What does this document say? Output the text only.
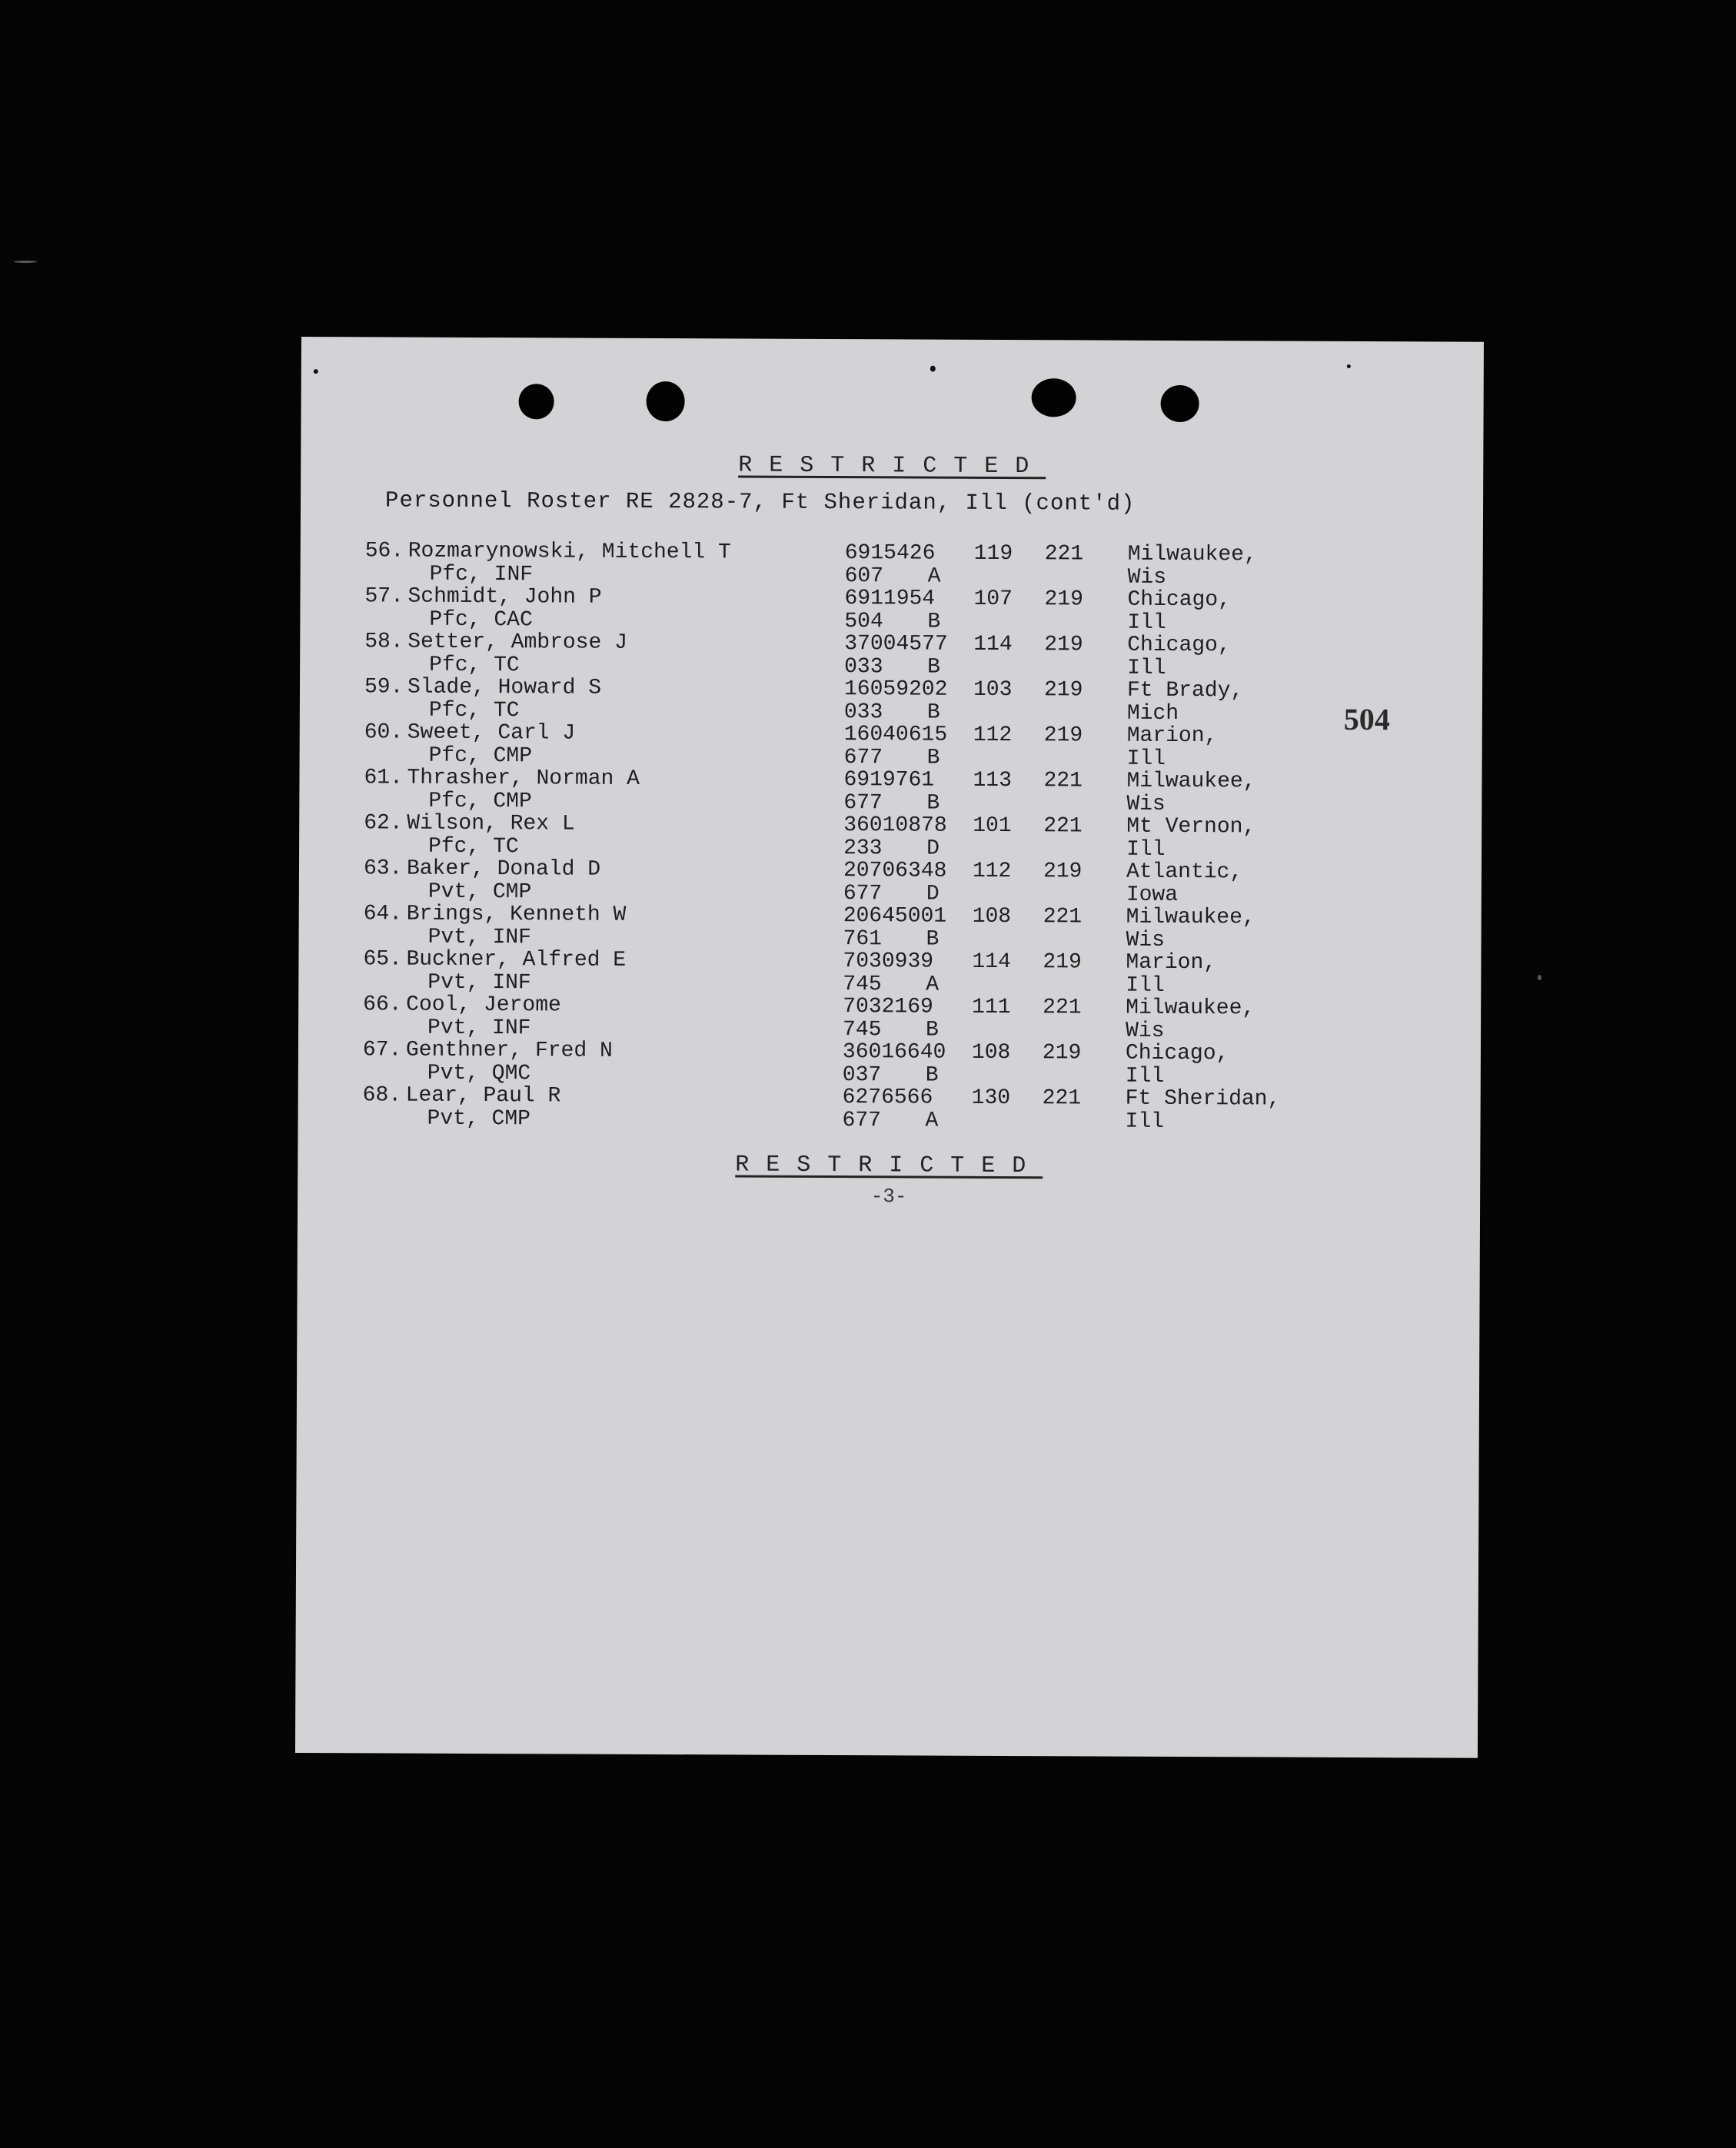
RESTRICTED
Personnel Roster RE 2828-7, Ft Sheridan, Ill (cont'd)
56.	Rozmarynowski, Mitchell T	6915426	119	221	Milwaukee,
	Pfc, INF	607 A			Wis
57.	Schmidt, John P	6911954	107	219	Chicago,
	Pfc, CAC	504 B			Ill
58.	Setter, Ambrose J	37004577	114	219	Chicago,
	Pfc, TC	033 B			Ill
59.	Slade, Howard S	16059202	103	219	Ft Brady,
	Pfc, TC	033 B			Mich
60.	Sweet, Carl J	16040615	112	219	Marion,
	Pfc, CMP	677 B			Ill
61.	Thrasher, Norman A	6919761	113	221	Milwaukee,
	Pfc, CMP	677 B			Wis
62.	Wilson, Rex L	36010878	101	221	Mt Vernon,
	Pfc, TC	233 D			Ill
63.	Baker, Donald D	20706348	112	219	Atlantic,
	Pvt, CMP	677 D			Iowa
64.	Brings, Kenneth W	20645001	108	221	Milwaukee,
	Pvt, INF	761 B			Wis
65.	Buckner, Alfred E	7030939	114	219	Marion,
	Pvt, INF	745 A			Ill
66.	Cool, Jerome	7032169	111	221	Milwaukee,
	Pvt, INF	745 B			Wis
67.	Genthner, Fred N	36016640	108	219	Chicago,
	Pvt, QMC	037 B			Ill
68.	Lear, Paul R	6276566	130	221	Ft Sheridan,
	Pvt, CMP	677 A			Ill
504
RESTRICTED
-3-
